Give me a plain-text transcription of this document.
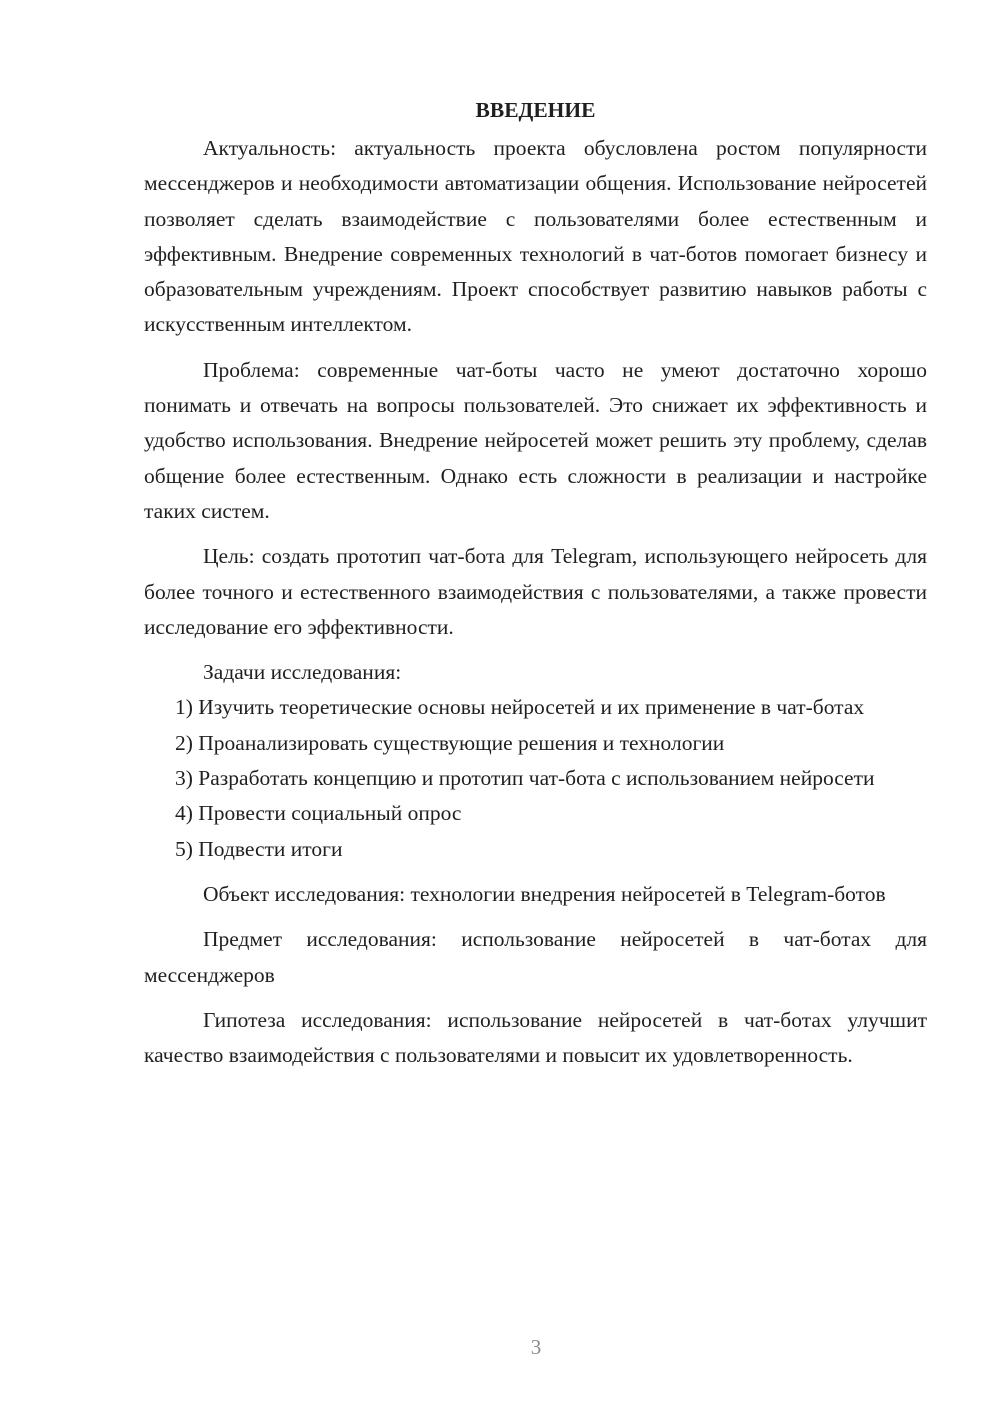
ВВЕДЕНИЕ

Актуальность: актуальность проекта обусловлена ростом популярности мессенджеров и необходимости автоматизации общения. Использование нейросетей позволяет сделать взаимодействие с пользователями более естественным и эффективным. Внедрение современных технологий в чат-ботов помогает бизнесу и образовательным учреждениям. Проект способствует развитию навыков работы с искусственным интеллектом.

Проблема: современные чат-боты часто не умеют достаточно хорошо понимать и отвечать на вопросы пользователей. Это снижает их эффективность и удобство использования. Внедрение нейросетей может решить эту проблему, сделав общение более естественным. Однако есть сложности в реализации и настройке таких систем.

Цель: создать прототип чат-бота для Telegram, использующего нейросеть для более точного и естественного взаимодействия с пользователями, а также провести исследование его эффективности.

Задачи исследования:

1) Изучить теоретические основы нейросетей и их применение в чат-ботах

2) Проанализировать существующие решения и технологии

3) Разработать концепцию и прототип чат-бота с использованием нейросети

4) Провести социальный опрос

5) Подвести итоги

Объект исследования: технологии внедрения нейросетей в Telegram-ботов

Предмет исследования: использование нейросетей в чат-ботах для мессенджеров

Гипотеза исследования: использование нейросетей в чат-ботах улучшит качество взаимодействия с пользователями и повысит их удовлетворенность.

3
